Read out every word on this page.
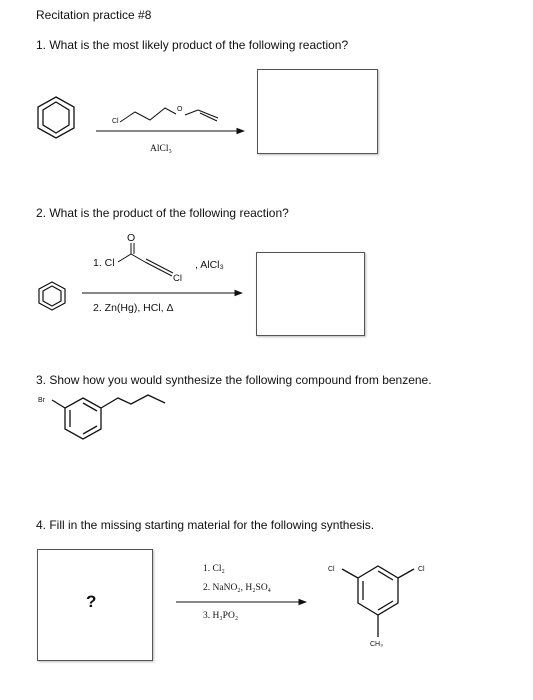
Recitation practice #8
1. What is the most likely product of the following reaction?
Cl
O
AlCl₃
2. What is the product of the following reaction?
1. Cl
O
Cl
, AlCl₃
2. Zn(Hg), HCl, Δ
3. Show how you would synthesize the following compound from benzene.
Br
4. Fill in the missing starting material for the following synthesis.
?
1. Cl₂
2. NaNO₂, H₂SO₄
3. H₃PO₂
Cl	Cl
CH₃
